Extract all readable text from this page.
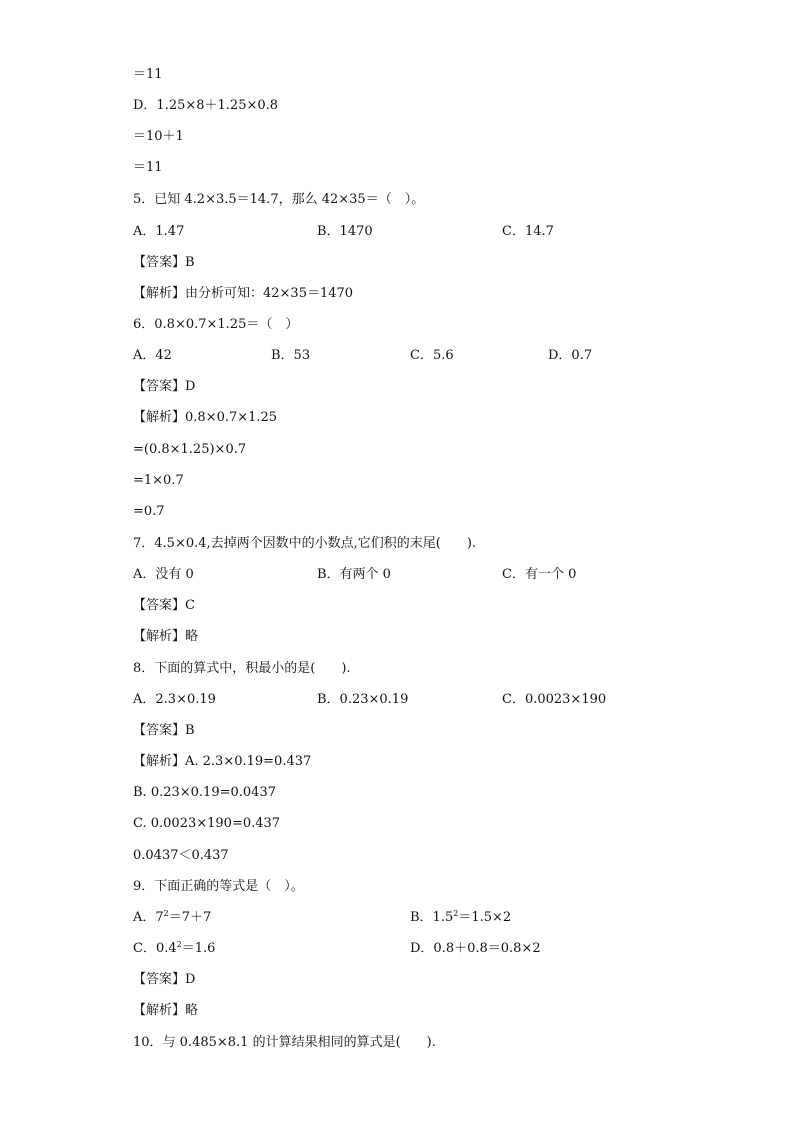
＝11
D．1.25×8＋1.25×0.8
＝10＋1
＝11
5．已知 4.2×3.5＝14.7，那么 42×35＝（　）。
A．1.47	B．1470	C．14.7
【答案】B
【解析】由分析可知：42×35＝1470
6．0.8×0.7×1.25＝（　）
A．42	B．53	C．5.6	D．0.7
【答案】D
【解析】0.8×0.7×1.25
=(0.8×1.25)×0.7
=1×0.7
=0.7
7．4.5×0.4,去掉两个因数中的小数点,它们积的末尾(　　).
A．没有 0	B．有两个 0	C．有一个 0
【答案】C
【解析】略
8．下面的算式中，积最小的是(　　).
A．2.3×0.19	B．0.23×0.19	C．0.0023×190
【答案】B
【解析】A. 2.3×0.19=0.437
B. 0.23×0.19=0.0437
C. 0.0023×190=0.437
0.0437＜0.437
9．下面正确的等式是（　）。
A．$7^2=7+7$	B．$1.5^2=1.5\times 2$
C．$0.4^2=1.6$	D．0.8＋0.8＝0.8×2
【答案】D
【解析】略
10．与 0.485×8.1 的计算结果相同的算式是(　　).
